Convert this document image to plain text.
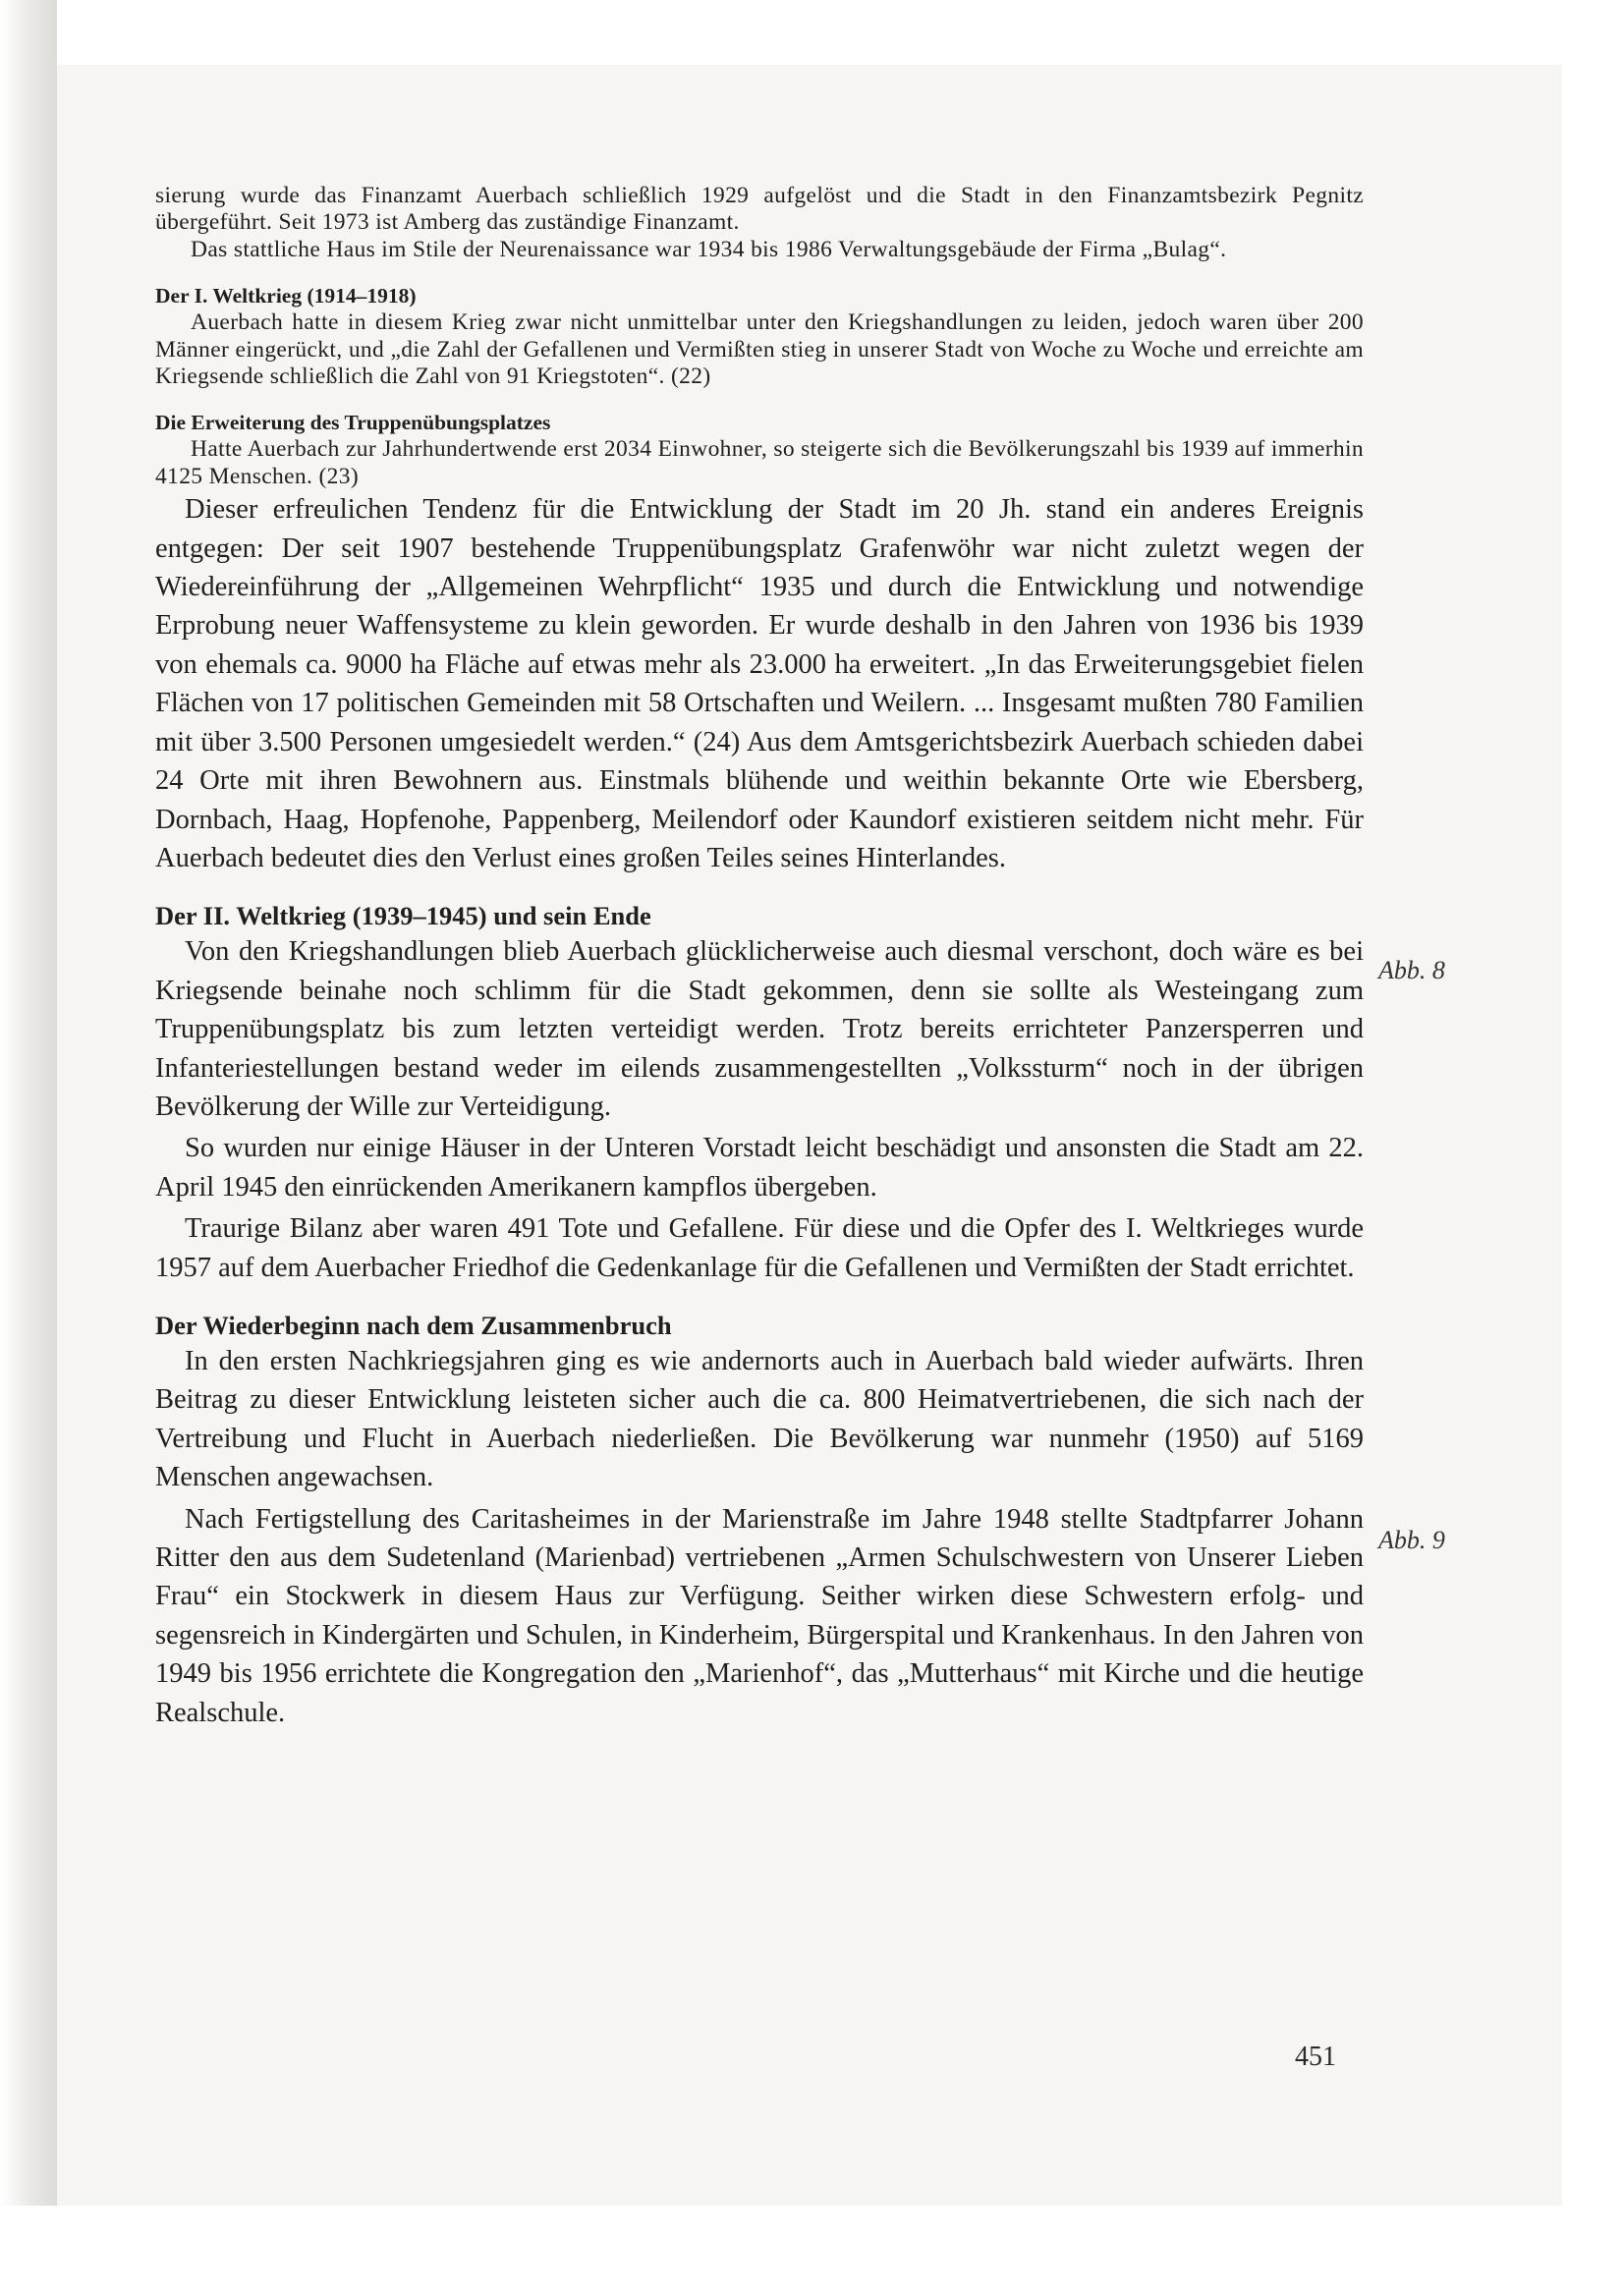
sierung wurde das Finanzamt Auerbach schließlich 1929 aufgelöst und die Stadt in den Finanzamtsbezirk Pegnitz übergeführt. Seit 1973 ist Amberg das zuständige Finanzamt.

Das stattliche Haus im Stile der Neurenaissance war 1934 bis 1986 Verwaltungsgebäude der Firma „Bulag“.

Der I. Weltkrieg (1914–1918)

Auerbach hatte in diesem Krieg zwar nicht unmittelbar unter den Kriegshandlungen zu leiden, jedoch waren über 200 Männer eingerückt, und „die Zahl der Gefallenen und Vermißten stieg in unserer Stadt von Woche zu Woche und erreichte am Kriegsende schließlich die Zahl von 91 Kriegstoten“. (22)

Die Erweiterung des Truppenübungsplatzes

Hatte Auerbach zur Jahrhundertwende erst 2034 Einwohner, so steigerte sich die Bevölkerungszahl bis 1939 auf immerhin 4125 Menschen. (23)

Dieser erfreulichen Tendenz für die Entwicklung der Stadt im 20 Jh. stand ein anderes Ereignis entgegen: Der seit 1907 bestehende Truppenübungsplatz Grafenwöhr war nicht zuletzt wegen der Wiedereinführung der „Allgemeinen Wehrpflicht“ 1935 und durch die Entwicklung und notwendige Erprobung neuer Waffensysteme zu klein geworden. Er wurde deshalb in den Jahren von 1936 bis 1939 von ehemals ca. 9000 ha Fläche auf etwas mehr als 23.000 ha erweitert. „In das Erweiterungsgebiet fielen Flächen von 17 politischen Gemeinden mit 58 Ortschaften und Weilern. ... Insgesamt mußten 780 Familien mit über 3.500 Personen umgesiedelt werden.“ (24) Aus dem Amtsgerichtsbezirk Auerbach schieden dabei 24 Orte mit ihren Bewohnern aus. Einstmals blühende und weithin bekannte Orte wie Ebersberg, Dornbach, Haag, Hopfenohe, Pappenberg, Meilendorf oder Kaundorf existieren seitdem nicht mehr. Für Auerbach bedeutet dies den Verlust eines großen Teiles seines Hinterlandes.

Der II. Weltkrieg (1939–1945) und sein Ende
Abb. 8

Von den Kriegshandlungen blieb Auerbach glücklicherweise auch diesmal verschont, doch wäre es bei Kriegsende beinahe noch schlimm für die Stadt gekommen, denn sie sollte als Westeingang zum Truppenübungsplatz bis zum letzten verteidigt werden. Trotz bereits errichteter Panzersperren und Infanteriestellungen bestand weder im eilends zusammengestellten „Volkssturm“ noch in der übrigen Bevölkerung der Wille zur Verteidigung.

So wurden nur einige Häuser in der Unteren Vorstadt leicht beschädigt und ansonsten die Stadt am 22. April 1945 den einrückenden Amerikanern kampflos übergeben.

Traurige Bilanz aber waren 491 Tote und Gefallene. Für diese und die Opfer des I. Weltkrieges wurde 1957 auf dem Auerbacher Friedhof die Gedenkanlage für die Gefallenen und Vermißten der Stadt errichtet.

Der Wiederbeginn nach dem Zusammenbruch
Abb. 9

In den ersten Nachkriegsjahren ging es wie andernorts auch in Auerbach bald wieder aufwärts. Ihren Beitrag zu dieser Entwicklung leisteten sicher auch die ca. 800 Heimatvertriebenen, die sich nach der Vertreibung und Flucht in Auerbach niederließen. Die Bevölkerung war nunmehr (1950) auf 5169 Menschen angewachsen.

Nach Fertigstellung des Caritasheimes in der Marienstraße im Jahre 1948 stellte Stadtpfarrer Johann Ritter den aus dem Sudetenland (Marienbad) vertriebenen „Armen Schulschwestern von Unserer Lieben Frau“ ein Stockwerk in diesem Haus zur Verfügung. Seither wirken diese Schwestern erfolg- und segensreich in Kindergärten und Schulen, in Kinderheim, Bürgerspital und Krankenhaus. In den Jahren von 1949 bis 1956 errichtete die Kongregation den „Marienhof“, das „Mutterhaus“ mit Kirche und die heutige Realschule.

451
